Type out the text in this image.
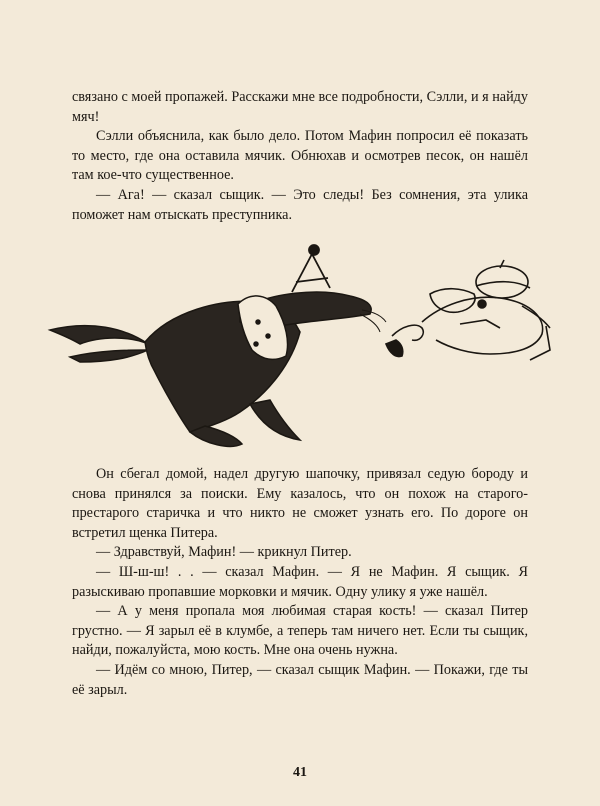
связано с моей пропажей. Расскажи мне все подробности, Сэлли, и я найду мяч!

Сэлли объяснила, как было дело. Потом Мафин попросил её показать то место, где она оставила мячик. Обнюхав и осмотрев песок, он нашёл там кое-что существенное.

— Ага! — сказал сыщик. — Это следы! Без сомнения, эта улика поможет нам отыскать преступника.

Он сбегал домой, надел другую шапочку, привязал седую бороду и снова принялся за поиски. Ему казалось, что он похож на старого-престарого старичка и что никто не сможет узнать его. По дороге он встретил щенка Питера.

— Здравствуй, Мафин! — крикнул Питер.

— Ш-ш-ш! . . — сказал Мафин. — Я не Мафин. Я сыщик. Я разыскиваю пропавшие морковки и мячик. Одну улику я уже нашёл.

— А у меня пропала моя любимая старая кость! — сказал Питер грустно. — Я зарыл её в клумбе, а теперь там ничего нет. Если ты сыщик, найди, пожалуйста, мою кость. Мне она очень нужна.

— Идём со мною, Питер, — сказал сыщик Мафин. — Покажи, где ты её зарыл.

41
